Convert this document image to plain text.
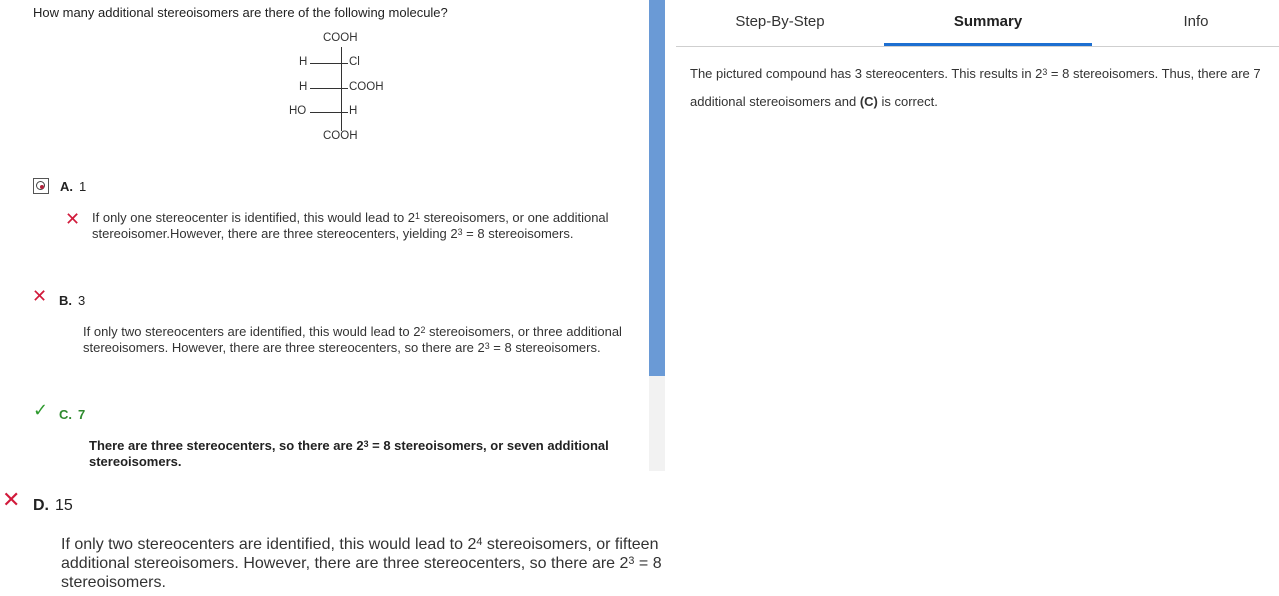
How many additional stereoisomers are there of the following molecule?
COOH
H	Cl
H	COOH
HO	H
COOH
A. 1
✕ If only one stereocenter is identified, this would lead to $2^1$ stereoisomers, or one additional stereoisomer.However, there are three stereocenters, yielding $2^3 = 8$ stereoisomers.
✕ B. 3
If only two stereocenters are identified, this would lead to $2^2$ stereoisomers, or three additional stereoisomers. However, there are three stereocenters, so there are $2^3 = 8$ stereoisomers.
✓ C. 7
There are three stereocenters, so there are $2^3 = 8$ stereoisomers, or seven additional stereoisomers.
✕ D. 15
If only two stereocenters are identified, this would lead to $2^4$ stereoisomers, or fifteen additional stereoisomers. However, there are three stereocenters, so there are $2^3 = 8$ stereoisomers.
Step-By-Step	Summary	Info
The pictured compound has 3 stereocenters. This results in $2^3 = 8$ stereoisomers. Thus, there are 7 additional stereoisomers and (C) is correct.
